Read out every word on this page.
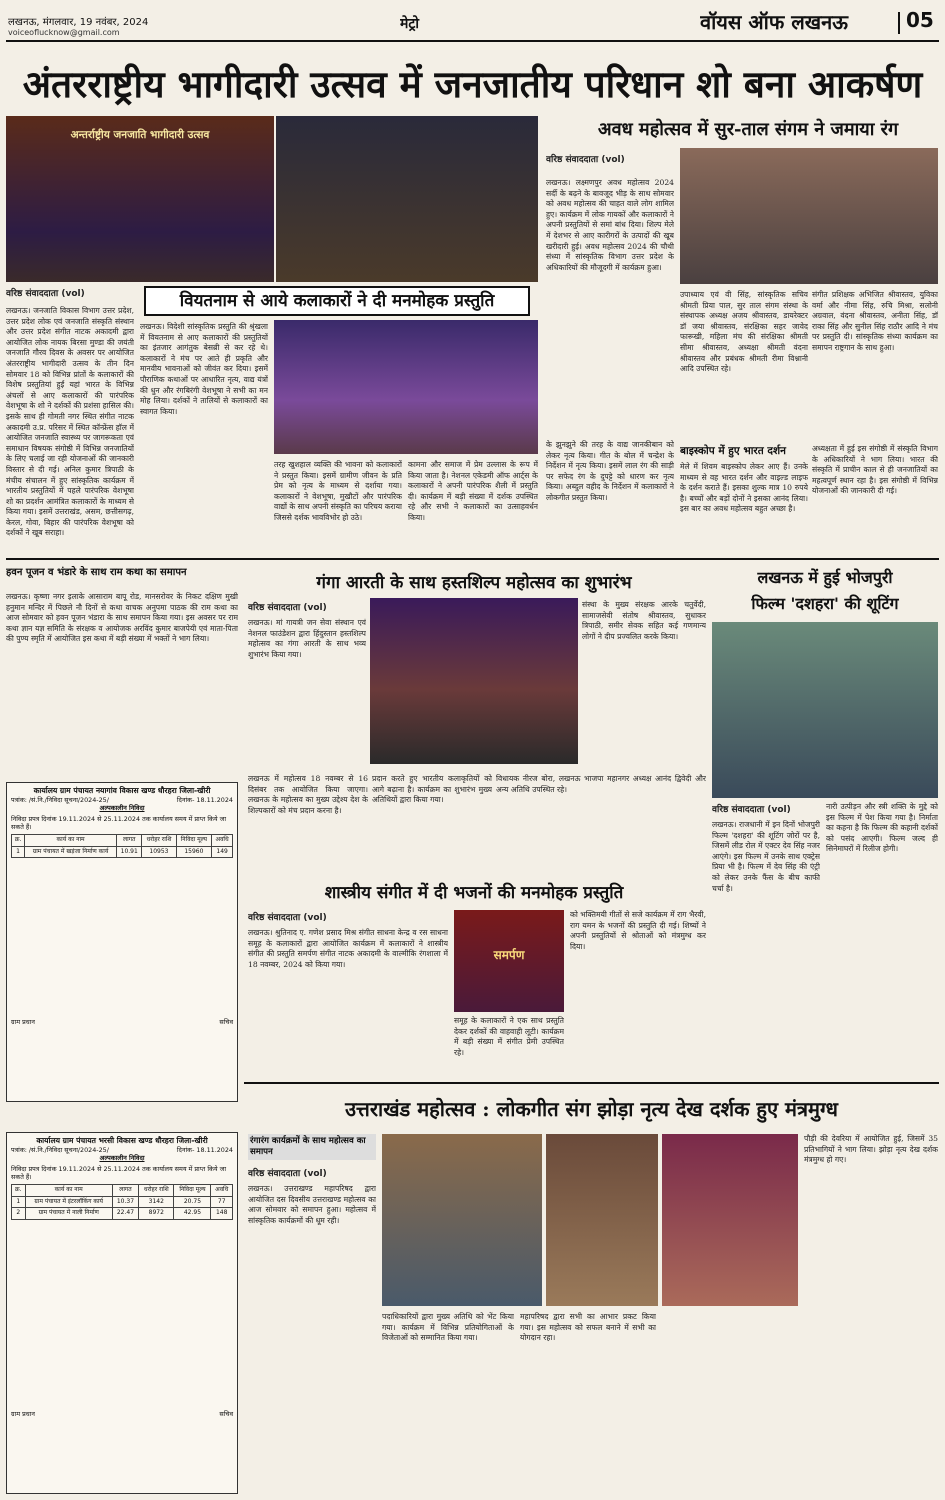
लखनऊ, मंगलवार, 19 नवंबर, 2024
voiceoflucknow@gmail.com
मेट्रो	वॉयस ऑफ लखनऊ	05
अंतरराष्ट्रीय भागीदारी उत्सव में जनजातीय परिधान शो बना आकर्षण
अन्तर्राष्ट्रीय जनजाति भागीदारी उत्सव	अवध महोत्सव में सुर-ताल संगम ने जमाया रंग
वरिष्ठ संवाददाता (vol)
लखनऊ। लक्ष्मणपुर अवध महोत्सव 2024 सर्दी के बढ़ने के बावजूद भीड़ के साथ सोमवार को अवध महोत्सव की चाहत वाले लोग शामिल हुए। कार्यक्रम में लोक गायकों और कलाकारों ने अपनी प्रस्तुतियों से समां बांध दिया। शिल्प मेले में देशभर से आए कारीगरों के उत्पादों की खूब खरीदारी हुई। अवध महोत्सव 2024 की चौथी संध्या में सांस्कृतिक विभाग उत्तर प्रदेश के अधिकारियों की मौजूदगी में कार्यक्रम हुआ।
उपाध्याय एवं वी सिंह, सांस्कृतिक सचिव श्रीमती प्रिया पाल, सुर ताल संगम संस्था के संस्थापक अध्यक्ष अजय श्रीवास्तव, डायरेक्टर डॉ जया श्रीवास्तव, संरक्षिका सहर जावेद फारूखी, महिला मंच की संरक्षिका श्रीमती सीमा श्रीवास्तव, अध्यक्षा श्रीमती वंदना श्रीवास्तव और प्रबंधक श्रीमती रीमा विश्नानी आदि उपस्थित रहे।
संगीत प्रशिक्षक अभिजित श्रीवास्तव, युविका वर्मा और नीमा सिंह, रुचि मिश्रा, सलोनी अग्रवाल, वंदना श्रीवास्तव, अनीता सिंह, डॉ राका सिंह और सुनील सिंह राठौर आदि ने मंच पर प्रस्तुति दी। सांस्कृतिक संध्या कार्यक्रम का समापन राष्ट्रगान के साथ हुआ।
वरिष्ठ संवाददाता (vol)
लखनऊ। जनजाति विकास विभाग उत्तर प्रदेश, उत्तर प्रदेश लोक एवं जनजाति संस्कृति संस्थान और उत्तर प्रदेश संगीत नाटक अकादमी द्वारा आयोजित लोक नायक बिरसा मुण्डा की जयंती जनजाति गौरव दिवस के अवसर पर आयोजित अंतरराष्ट्रीय भागीदारी उत्सव के तीन दिन सोमवार 18 को विभिन्न प्रांतों के कलाकारों की विशेष प्रस्तुतियां हुईं यहां भारत के विभिन्न अंचलों से आए कलाकारों की पारंपरिक वेशभूषा के शो ने दर्शकों की प्रशंसा हासिल की। इसके साथ ही गोमती नगर स्थित संगीत नाटक अकादमी उ.प्र. परिसर में स्थित कॉन्फ्रेंस हॉल में आयोजित जनजाति स्वास्थ्य पर जागरूकता एवं समाधान विषयक संगोष्ठी में विभिन्न जनजातियों के लिए चलाई जा रही योजनाओं की जानकारी विस्तार से दी गई। अनिल कुमार त्रिपाठी के मंचीय संचालन में हुए सांस्कृतिक कार्यक्रम में भारतीय प्रस्तुतियों में पहले पारंपरिक वेशभूषा शो का प्रदर्शन आमंत्रित कलाकारों के माध्यम से किया गया। इसमें उत्तराखंड, असम, छत्तीसगढ़, केरल, गोवा, बिहार की पारंपरिक वेशभूषा को दर्शकों ने खूब सराहा।
वियतनाम से आये कलाकारों ने दी मनमोहक प्रस्तुति
लखनऊ। विदेशी सांस्कृतिक प्रस्तुति की श्रृंखला में वियतनाम से आए कलाकारों की प्रस्तुतियों का इंतजार आगंतुक बेसब्री से कर रहे थे। कलाकारों ने मंच पर आते ही प्रकृति और मानवीय भावनाओं को जीवंत कर दिया। इसमें पौराणिक कथाओं पर आधारित नृत्य, वाद्य यंत्रों की धुन और रंगबिरंगी वेशभूषा ने सभी का मन मोह लिया। दर्शकों ने तालियों से कलाकारों का स्वागत किया।
तरह खुशहाल व्यक्ति की भावना को कलाकारों ने प्रस्तुत किया। इसमें ग्रामीण जीवन के प्रति प्रेम को नृत्य के माध्यम से दर्शाया गया। कलाकारों ने वेशभूषा, मुखौटों और पारंपरिक वाद्यों के साथ अपनी संस्कृति का परिचय कराया जिससे दर्शक भावविभोर हो उठे।
कामना और समाज में प्रेम उल्लास के रूप में किया जाता है। नेशनल एकेडमी ऑफ आर्ट्स के कलाकारों ने अपनी पारंपरिक शैली में प्रस्तुति दी। कार्यक्रम में बड़ी संख्या में दर्शक उपस्थित रहे और सभी ने कलाकारों का उत्साहवर्धन किया।
के झुनझुने की तरह के वाद्य जानकीबान को लेकर नृत्य किया। गीत के बोल में चन्द्रेश के निर्देशन में नृत्य किया। इसमें लाल रंग की साड़ी पर सफेद रंग के दुपट्टे को धारण कर नृत्य किया। अब्दुल वहीद के निर्देशन में कलाकारों ने लोकगीत प्रस्तुत किया।
बाइस्कोप में हुए भारत दर्शन
मेले में शिवम बाइस्कोप लेकर आए हैं। उनके माध्यम से वह भारत दर्शन और वाइल्ड लाइफ के दर्शन कराते हैं। इसका शुल्क मात्र 10 रुपये है। बच्चों और बड़ों दोनों ने इसका आनंद लिया। इस बार का अवध महोत्सव बहुत अच्छा है।
अध्यक्षता में हुई इस संगोष्ठी में संस्कृति विभाग के अधिकारियों ने भाग लिया। भारत की संस्कृति में प्राचीन काल से ही जनजातियों का महत्वपूर्ण स्थान रहा है। इस संगोष्ठी में विभिन्न योजनाओं की जानकारी दी गई।
हवन पूजन व भंडारे के साथ राम कथा का समापन
लखनऊ। कृष्णा नगर इलाके आसाराम बापू रोड, मानसरोवर के निकट दक्षिण मुखी हनुमान मन्दिर में पिछले नौ दिनों से कथा वाचक अनुपमा पाठक की राम कथा का आज सोमवार को हवन पूजन भंडारा के साथ समापन किया गया। इस अवसर पर राम कथा ज्ञान यज्ञ समिति के संरक्षक व आयोजक अरविंद कुमार बाजपेयी एवं माता-पिता की पुण्य स्मृति में आयोजित इस कथा में बड़ी संख्या में भक्तों ने भाग लिया।
गंगा आरती के साथ हस्तशिल्प महोत्सव का शुभारंभ
वरिष्ठ संवाददाता (vol)
लखनऊ। मां गायत्री जन सेवा संस्थान एवं नेशनल फाउंडेशन द्वारा हिंदुस्तान हस्तशिल्प महोत्सव का गंगा आरती के साथ भव्य शुभारंभ किया गया।
संस्था के मुख्य संरक्षक आरके चतुर्वेदी, सामाजसेवी संतोष श्रीवास्तव, सुधाकर त्रिपाठी, समीर सेवक सहित कई गणमान्य लोगों ने दीप प्रज्वलित करके किया।
लखनऊ में महोत्सव 18 नवम्बर से 16 दिसंबर तक आयोजित किया जाएगा। लखनऊ के महोत्सव का मुख्य उद्देश्य देश के शिल्पकारों को मंच प्रदान करना है।
प्रदान करते हुए भारतीय कलाकृतियों को आगे बढ़ाना है। कार्यक्रम का शुभारंभ मुख्य अतिथियों द्वारा किया गया।
विधायक नीरज बोरा, लखनऊ भाजपा महानगर अध्यक्ष आनंद द्विवेदी और अन्य अतिथि उपस्थित रहे।
लखनऊ में हुई भोजपुरी
फिल्म 'दशहरा' की शूटिंग
वरिष्ठ संवाददाता (vol)
लखनऊ। राजधानी में इन दिनों भोजपुरी फिल्म 'दशहरा' की शूटिंग जोरों पर है, जिसमें लीड रोल में एक्टर देव सिंह नजर आएंगे। इस फिल्म में उनके साथ एक्ट्रेस प्रिया भी है। फिल्म में देव सिंह की एंट्री को लेकर उनके फैंस के बीच काफी चर्चा है।
नारी उत्पीड़न और स्त्री शक्ति के मुद्दे को इस फिल्म में पेश किया गया है। निर्माता का कहना है कि फिल्म की कहानी दर्शकों को पसंद आएगी। फिल्म जल्द ही सिनेमाघरों में रिलीज होगी।
शास्त्रीय संगीत में दी भजनों की मनमोहक प्रस्तुति
वरिष्ठ संवाददाता (vol)
लखनऊ। श्रुतिनाद ए. गणेश प्रसाद मिश्र संगीत साधना केन्द्र व रस साधना समूह के कलाकारों द्वारा आयोजित कार्यक्रम में कलाकारों ने शास्त्रीय संगीत की प्रस्तुति समर्पण संगीत नाटक अकादमी के वाल्मीकि रंगशाला में 18 नवम्बर, 2024 को किया गया।
समर्पण
को भक्तिमयी गीतों से सजे कार्यक्रम में राग भैरवी, राग यमन के भजनों की प्रस्तुति दी गई। शिष्यों ने अपनी प्रस्तुतियों से श्रोताओं को मंत्रमुग्ध कर दिया।
समूह के कलाकारों ने एक साथ प्रस्तुति देकर दर्शकों की वाहवाही लूटी। कार्यक्रम में बड़ी संख्या में संगीत प्रेमी उपस्थित रहे।
कार्यालय ग्राम पंचायत नयागांव विकास खण्ड धौरहरा जिला-खीरी
पत्रांक: /सं.नि./निविदा सूचना/2024-25/	दिनांक- 18.11.2024
अल्पकालीन निविदा
निविदा प्रपत्र दिनांक 19.11.2024 से 25.11.2024 तक कार्यालय समय में प्राप्त किये जा सकते हैं।
क्र.	कार्य का नाम	लागत	धरोहर राशि	निविदा मूल्य	अवधि
1	ग्राम पंचायत में खड़ंजा निर्माण कार्य	10.91	10953	15960	149
ग्राम प्रधान	सचिव
कार्यालय ग्राम पंचायत भरसी विकास खण्ड धौरहरा जिला-खीरी
पत्रांक: /सं.नि./निविदा सूचना/2024-25/	दिनांक- 18.11.2024
अल्पकालीन निविदा
निविदा प्रपत्र दिनांक 19.11.2024 से 25.11.2024 तक कार्यालय समय में प्राप्त किये जा सकते हैं।
क्र.	कार्य का नाम	लागत	धरोहर राशि	निविदा मूल्य	अवधि
1	ग्राम पंचायत में इंटरलॉकिंग कार्य	10.37	3142	20.75	77
2	ग्राम पंचायत में नाली निर्माण	22.47	8972	42.95	148
ग्राम प्रधान	सचिव
उत्तराखंड महोत्सव : लोकगीत संग झोड़ा नृत्य देख दर्शक हुए मंत्रमुग्ध
रंगारंग कार्यक्रमों के साथ महोत्सव का समापन
वरिष्ठ संवाददाता (vol)
लखनऊ। उत्तराखण्ड महापरिषद द्वारा आयोजित दस दिवसीय उत्तराखण्ड महोत्सव का आज सोमवार को समापन हुआ। महोत्सव में सांस्कृतिक कार्यक्रमों की धूम रही।
पदाधिकारियों द्वारा मुख्य अतिथि को भेंट किया गया। कार्यक्रम में विभिन्न प्रतियोगिताओं के विजेताओं को सम्मानित किया गया।
महापरिषद द्वारा सभी का आभार प्रकट किया गया। इस महोत्सव को सफल बनाने में सभी का योगदान रहा।
पौड़ी की देवरिया में आयोजित हुई, जिसमें 35 प्रतिभागियों ने भाग लिया। झोड़ा नृत्य देख दर्शक मंत्रमुग्ध हो गए।
